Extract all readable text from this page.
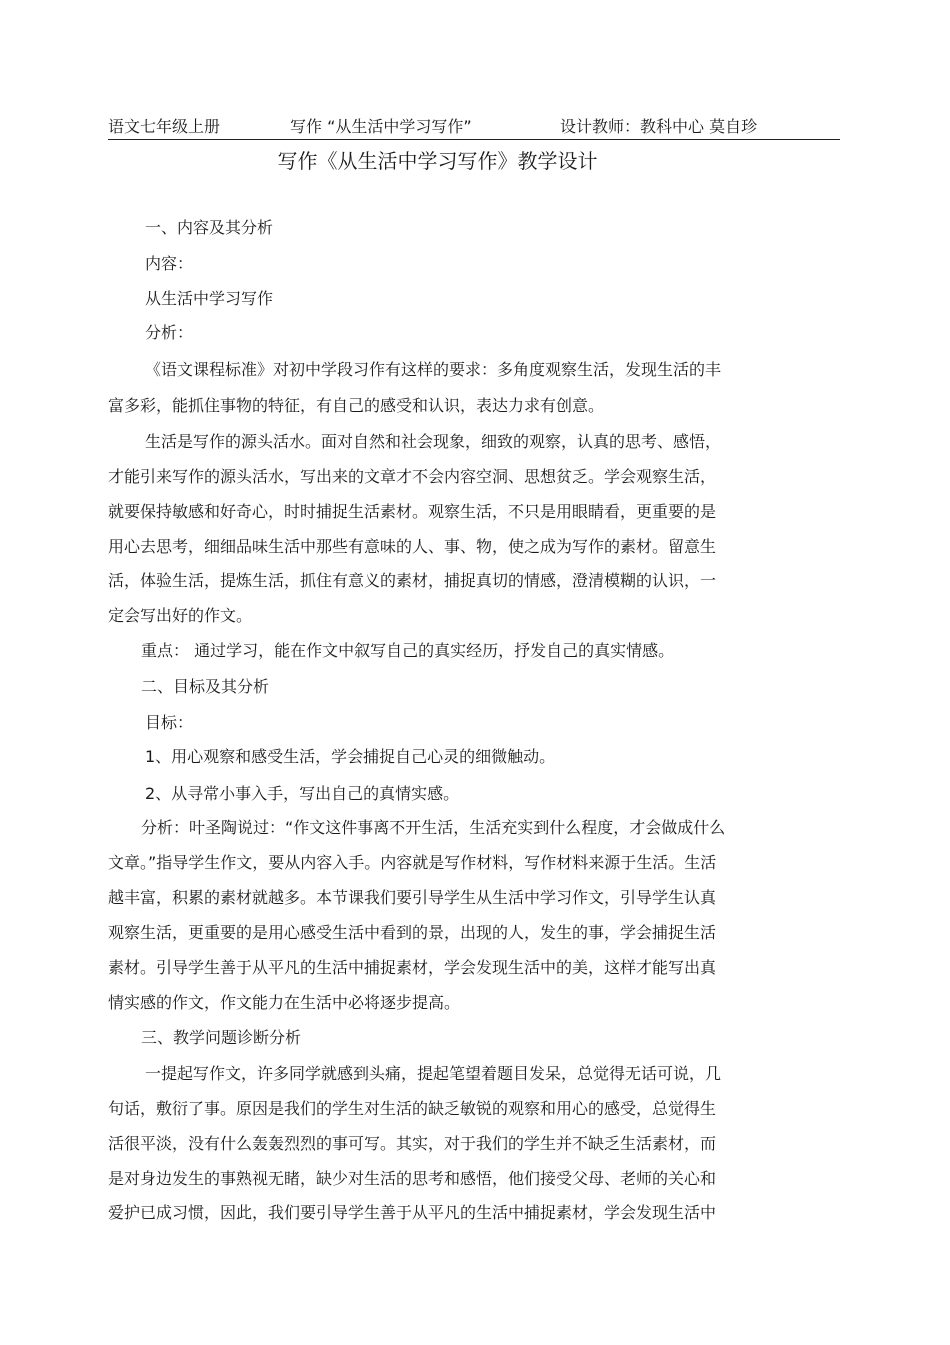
语文七年级上册	写作 “从生活中学习写作”	设计教师：教科中心 莫自珍
写作《从生活中学习写作》教学设计
一、内容及其分析
内容：
从生活中学习写作
分析：
《语文课程标准》对初中学段习作有这样的要求：多角度观察生活，发现生活的丰
富多彩，能抓住事物的特征，有自己的感受和认识，表达力求有创意。
生活是写作的源头活水。面对自然和社会现象，细致的观察，认真的思考、感悟，
才能引来写作的源头活水，写出来的文章才不会内容空洞、思想贫乏。学会观察生活，
就要保持敏感和好奇心，时时捕捉生活素材。观察生活，不只是用眼睛看，更重要的是
用心去思考，细细品味生活中那些有意味的人、事、物，使之成为写作的素材。留意生
活，体验生活，提炼生活，抓住有意义的素材，捕捉真切的情感，澄清模糊的认识，一
定会写出好的作文。
重点： 通过学习，能在作文中叙写自己的真实经历，抒发自己的真实情感。
二、目标及其分析
目标：
1、用心观察和感受生活，学会捕捉自己心灵的细微触动。
2、从寻常小事入手，写出自己的真情实感。
分析：叶圣陶说过：“作文这件事离不开生活，生活充实到什么程度，才会做成什么
文章。”指导学生作文，要从内容入手。内容就是写作材料，写作材料来源于生活。生活
越丰富，积累的素材就越多。本节课我们要引导学生从生活中学习作文，引导学生认真
观察生活，更重要的是用心感受生活中看到的景，出现的人，发生的事，学会捕捉生活
素材。引导学生善于从平凡的生活中捕捉素材，学会发现生活中的美，这样才能写出真
情实感的作文，作文能力在生活中必将逐步提高。
三、教学问题诊断分析
一提起写作文，许多同学就感到头痛，提起笔望着题目发呆，总觉得无话可说，几
句话，敷衍了事。原因是我们的学生对生活的缺乏敏锐的观察和用心的感受，总觉得生
活很平淡，没有什么轰轰烈烈的事可写。其实，对于我们的学生并不缺乏生活素材，而
是对身边发生的事熟视无睹，缺少对生活的思考和感悟，他们接受父母、老师的关心和
爱护已成习惯，因此，我们要引导学生善于从平凡的生活中捕捉素材，学会发现生活中
